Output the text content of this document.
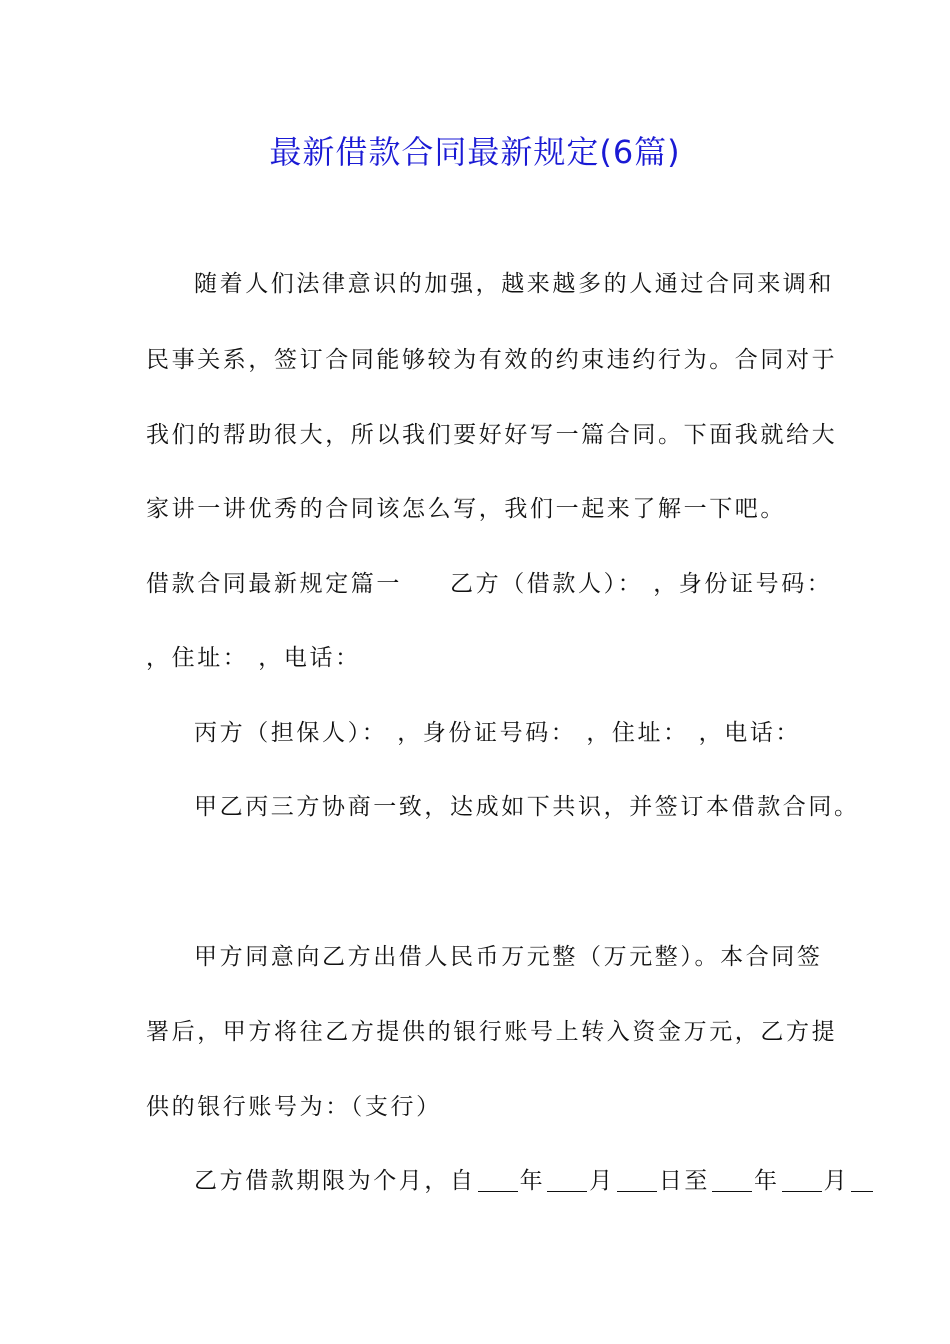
最新借款合同最新规定(6篇)
随着人们法律意识的加强，越来越多的人通过合同来调和
民事关系，签订合同能够较为有效的约束违约行为。合同对于
我们的帮助很大，所以我们要好好写一篇合同。下面我就给大
家讲一讲优秀的合同该怎么写，我们一起来了解一下吧。
借款合同最新规定篇一 乙方（借款人）： ，身份证号码：
，住址： ，电话：
丙方（担保人）： ，身份证号码： ，住址： ，电话：
甲乙丙三方协商一致，达成如下共识，并签订本借款合同。
甲方同意向乙方出借人民币万元整（万元整）。本合同签
署后，甲方将往乙方提供的银行账号上转入资金万元，乙方提
供的银行账号为：（支行）
乙方借款期限为个月，自 年 月 日至 年 月
